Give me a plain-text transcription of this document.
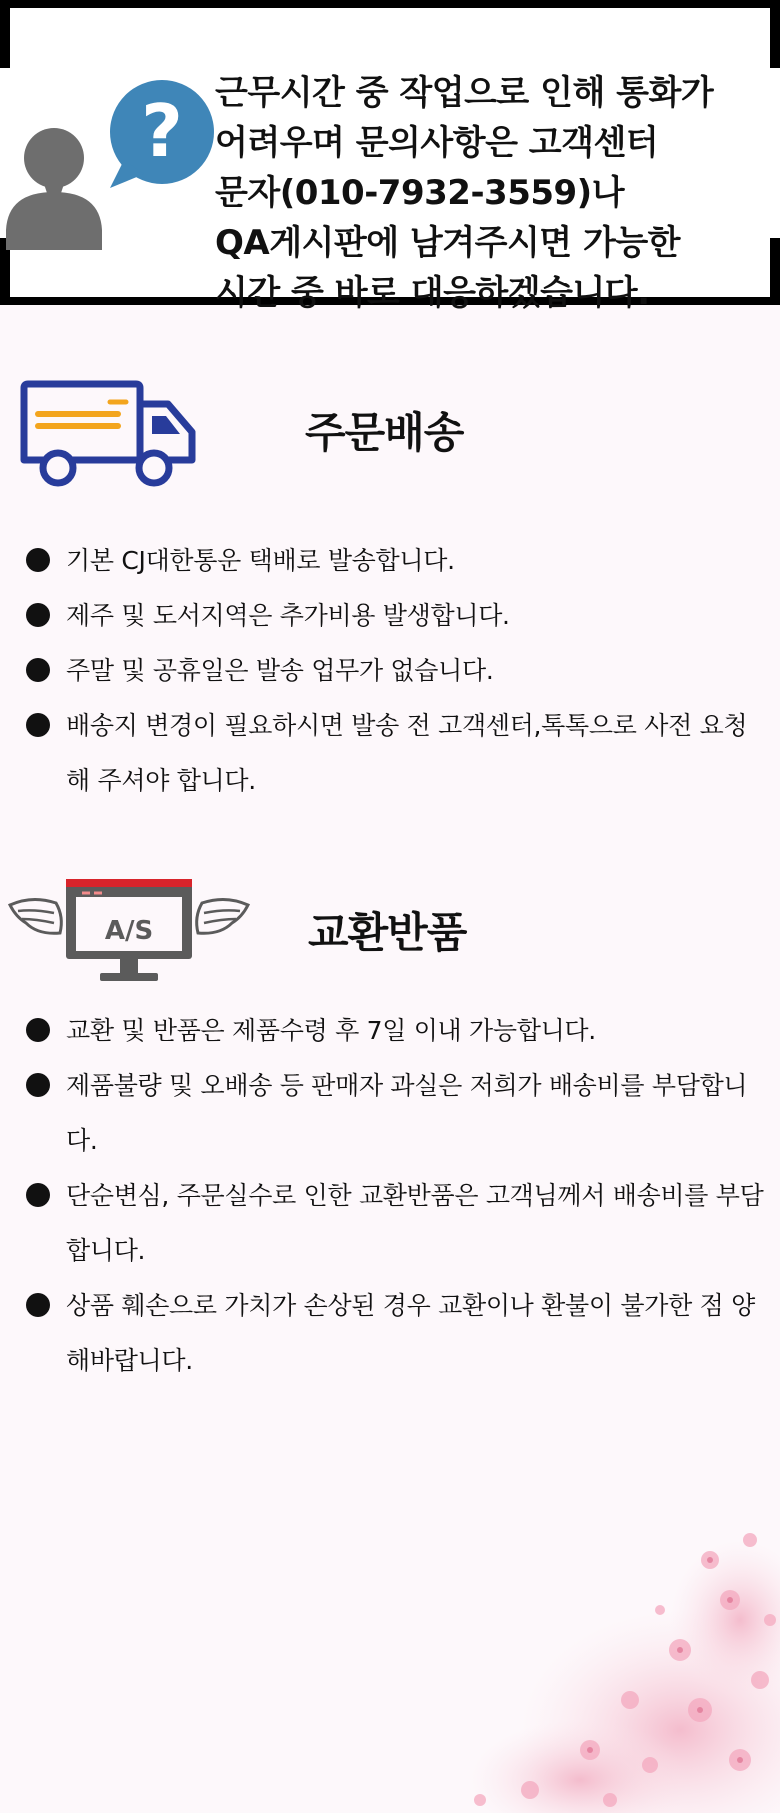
? 근무시간 중 작업으로 인해 통화가
어려우며 문의사항은 고객센터
문자(010-7932-3559)나
QA게시판에 남겨주시면 가능한
시간 중 바로 대응하겠습니다.
주문배송
기본 CJ대한통운 택배로 발송합니다.
제주 및 도서지역은 추가비용 발생합니다.
주말 및 공휴일은 발송 업무가 없습니다.
배송지 변경이 필요하시면 발송 전 고객센터,톡톡으로 사전 요청해 주셔야 합니다.
A/S	교환반품
교환 및 반품은 제품수령 후 7일 이내 가능합니다.
제품불량 및 오배송 등 판매자 과실은 저희가 배송비를 부담합니다.
단순변심, 주문실수로 인한 교환반품은 고객님께서 배송비를 부담합니다.
상품 훼손으로 가치가 손상된 경우 교환이나 환불이 불가한 점 양해바랍니다.
